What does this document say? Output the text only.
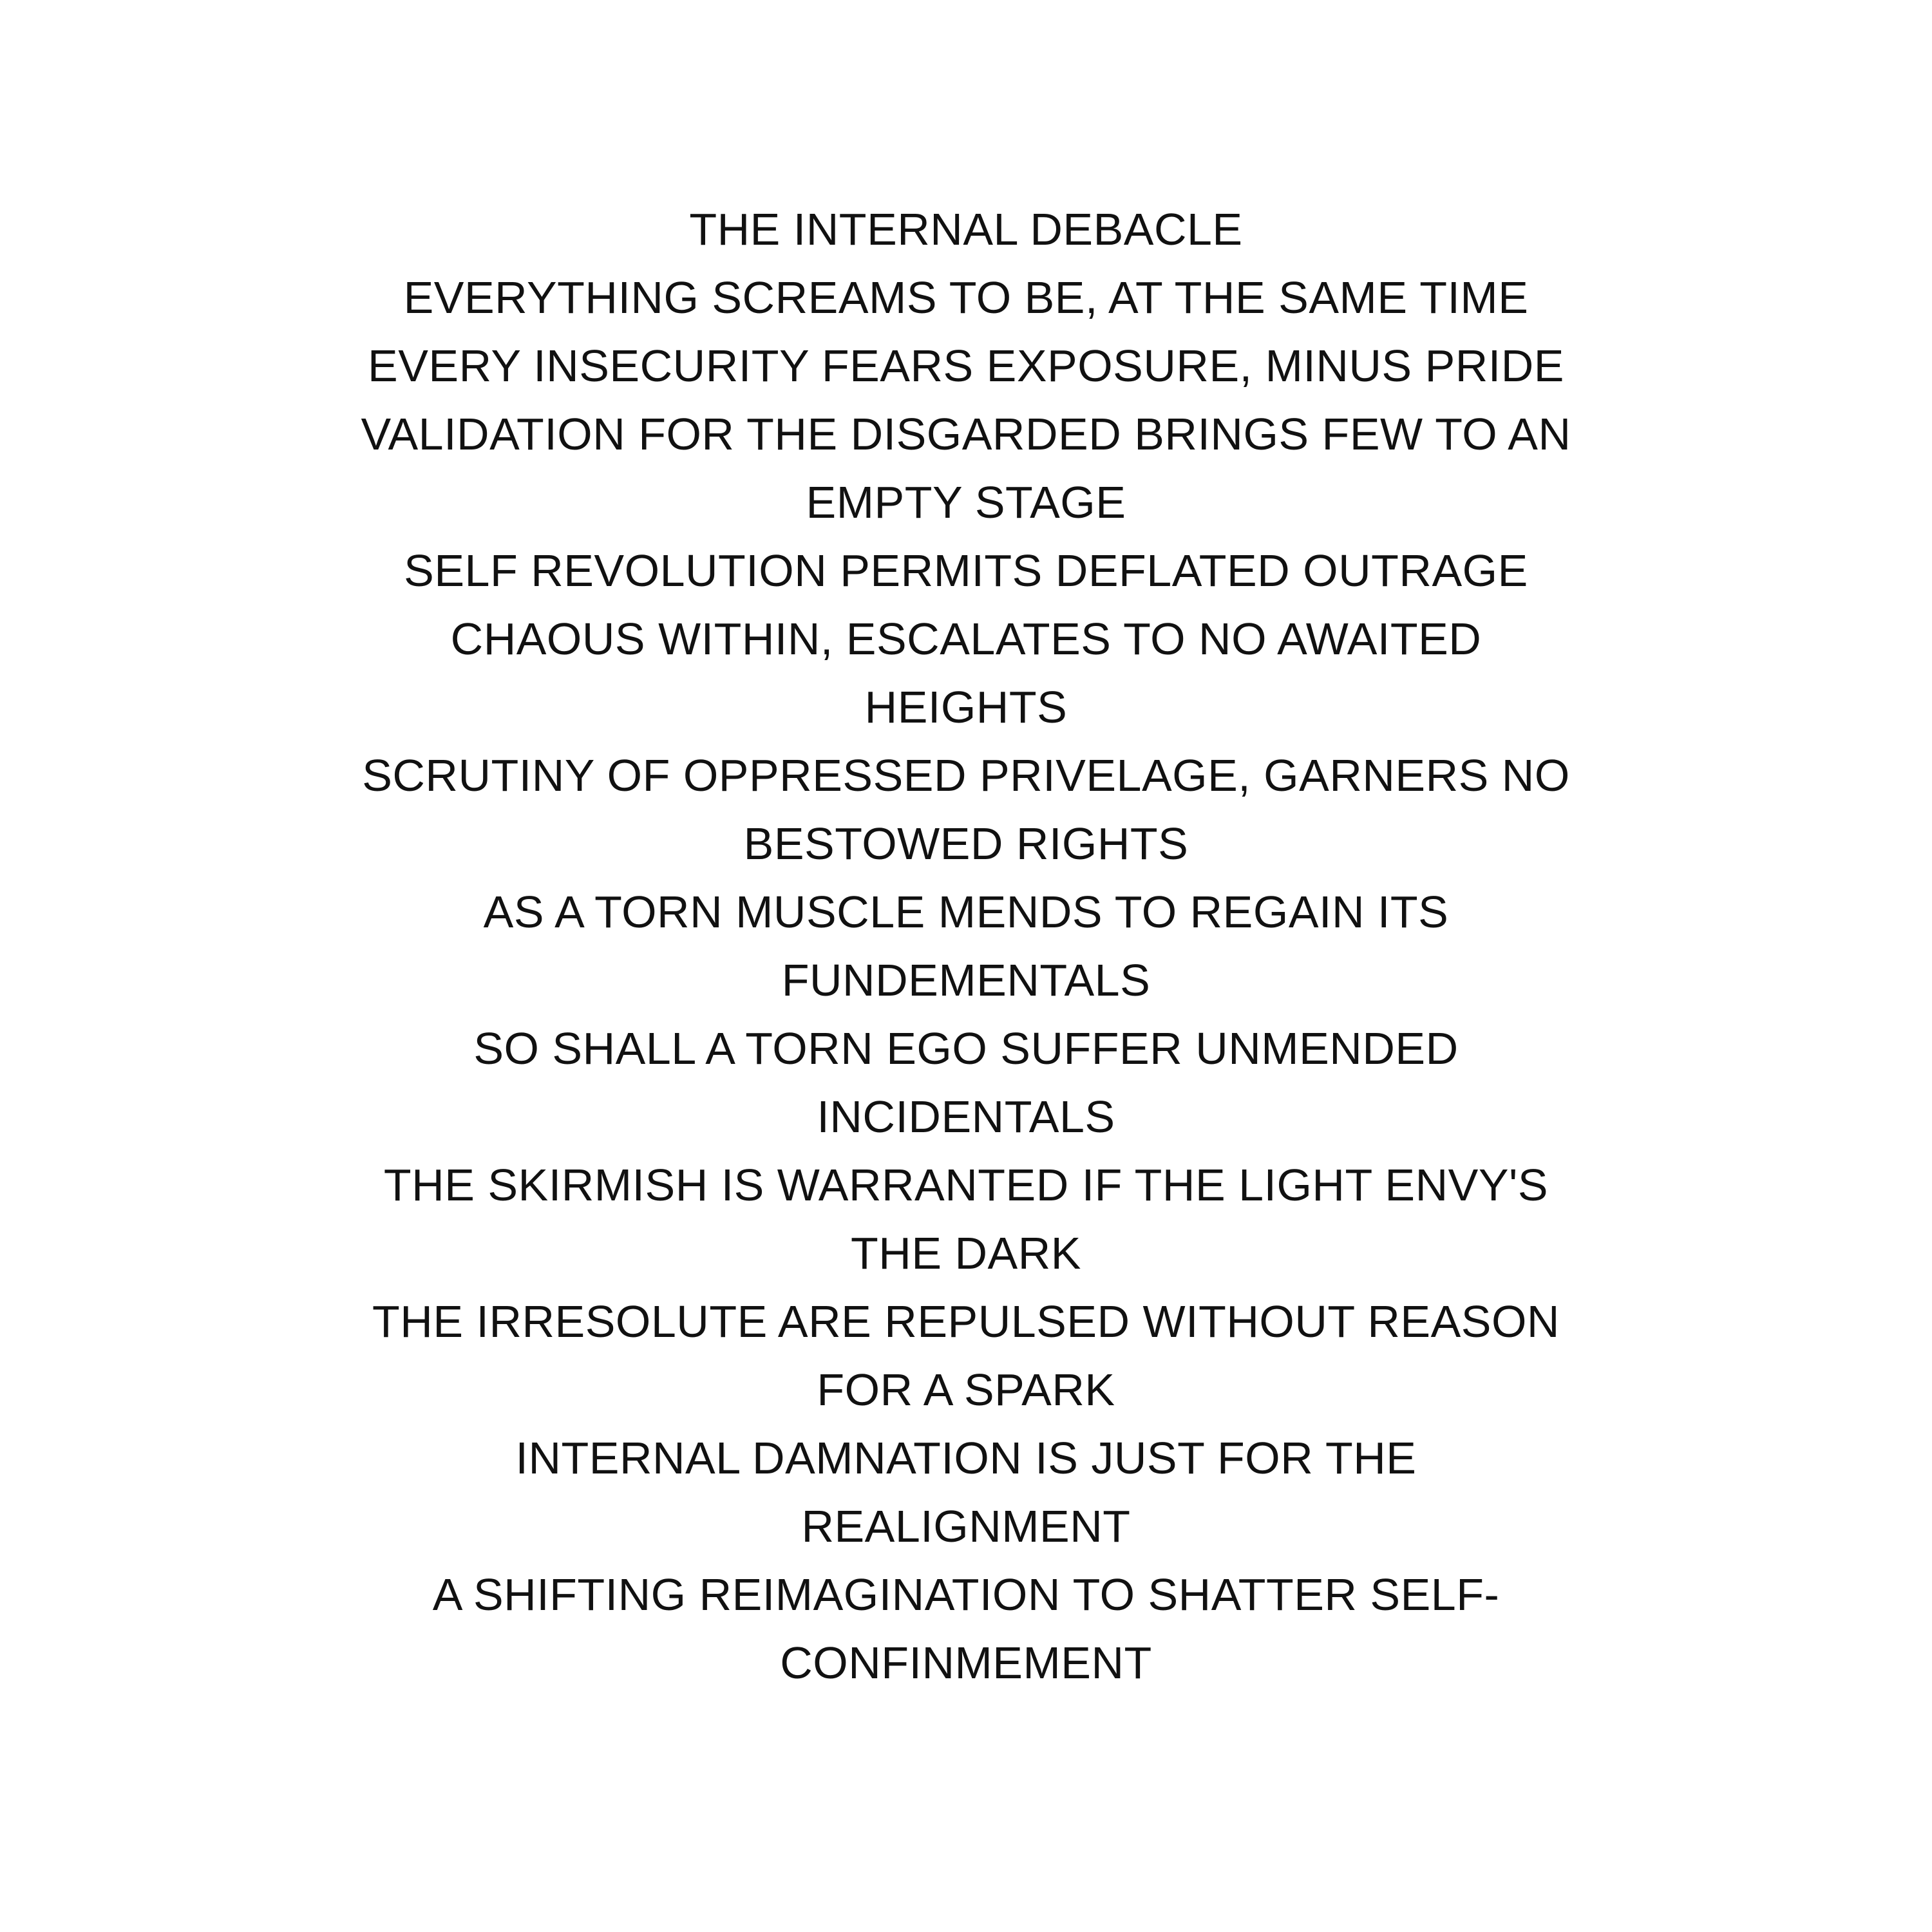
THE INTERNAL DEBACLE
EVERYTHING SCREAMS TO BE, AT THE SAME TIME
EVERY INSECURITY FEARS EXPOSURE, MINUS PRIDE
VALIDATION FOR THE DISGARDED BRINGS FEW TO AN
EMPTY STAGE
SELF REVOLUTION PERMITS DEFLATED OUTRAGE
CHAOUS WITHIN, ESCALATES TO NO AWAITED
HEIGHTS
SCRUTINY OF OPPRESSED PRIVELAGE, GARNERS NO
BESTOWED RIGHTS
AS A TORN MUSCLE MENDS TO REGAIN ITS
FUNDEMENTALS
SO SHALL A TORN EGO SUFFER UNMENDED
INCIDENTALS
THE SKIRMISH IS WARRANTED IF THE LIGHT ENVY'S
THE DARK
THE IRRESOLUTE ARE REPULSED WITHOUT REASON
FOR A SPARK
INTERNAL DAMNATION IS JUST FOR THE
REALIGNMENT
A SHIFTING REIMAGINATION TO SHATTER SELF-
CONFINMEMENT
